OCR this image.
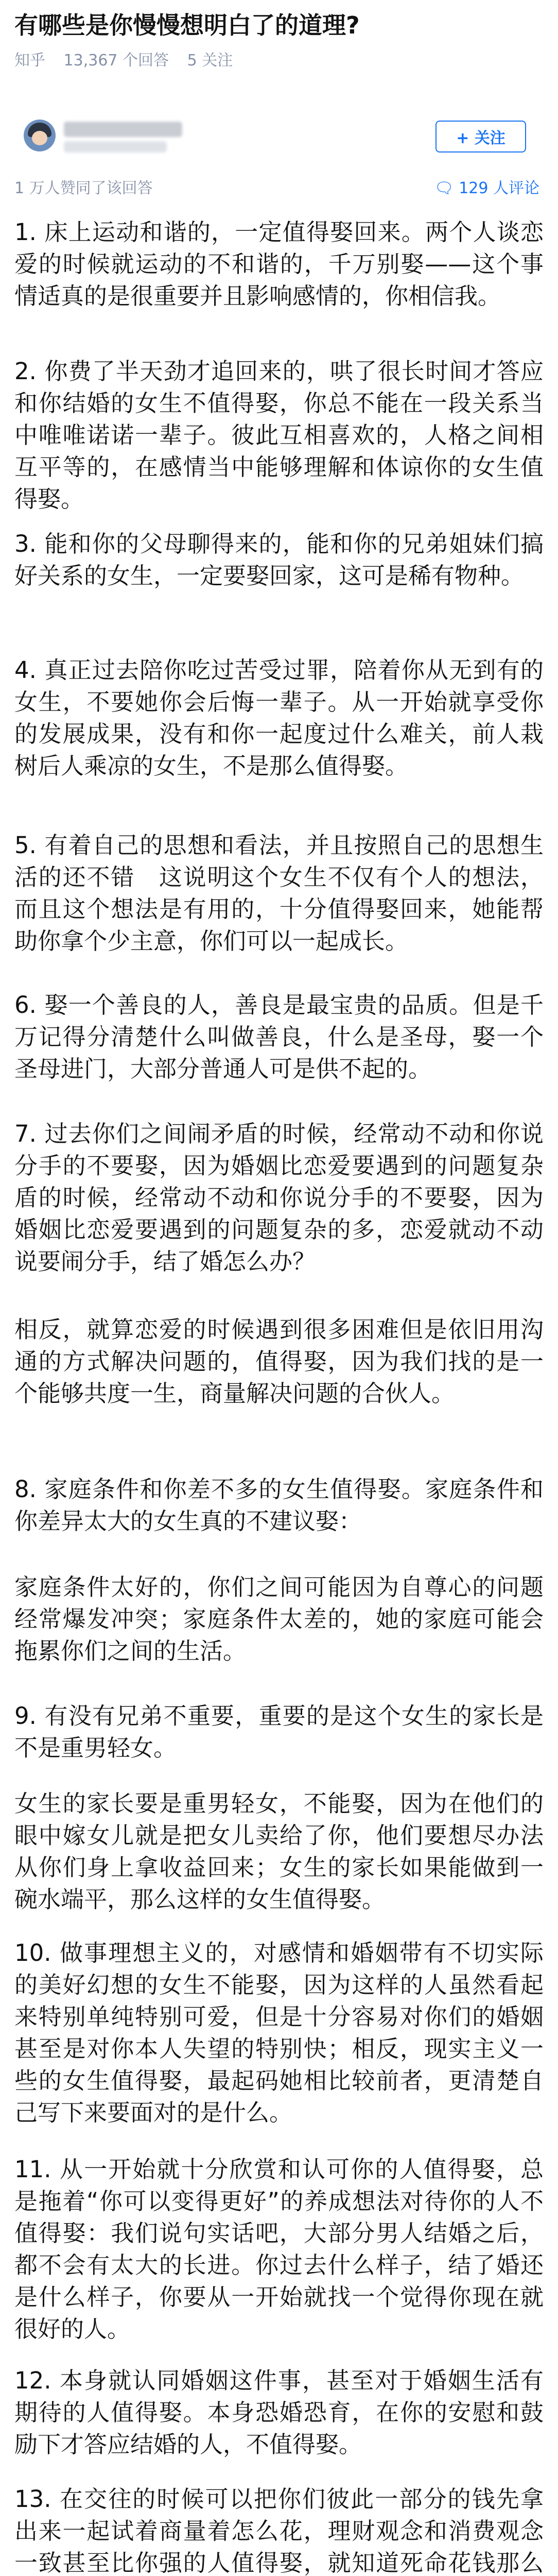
有哪些是你慢慢想明白了的道理?
知乎 13,367 个回答 5 关注
+ 关注
1 万人赞同了该回答	🗨 129 人评论

1. 床上运动和谐的，一定值得娶回来。两个人谈恋爱的时候就运动的不和谐的，千万别娶——这个事情适真的是很重要并且影响感情的，你相信我。

2. 你费了半天劲才追回来的，哄了很长时间才答应和你结婚的女生不值得娶，你总不能在一段关系当中唯唯诺诺一辈子。彼此互相喜欢的，人格之间相互平等的，在感情当中能够理解和体谅你的女生值得娶。

3. 能和你的父母聊得来的，能和你的兄弟姐妹们搞好关系的女生，一定要娶回家，这可是稀有物种。

4. 真正过去陪你吃过苦受过罪，陪着你从无到有的女生，不要她你会后悔一辈子。从一开始就享受你的发展成果，没有和你一起度过什么难关，前人栽树后人乘凉的女生，不是那么值得娶。

5. 有着自己的思想和看法，并且按照自己的思想生活的还不错　这说明这个女生不仅有个人的想法，而且这个想法是有用的，十分值得娶回来，她能帮助你拿个少主意，你们可以一起成长。

6. 娶一个善良的人，善良是最宝贵的品质。但是千万记得分清楚什么叫做善良，什么是圣母，娶一个圣母进门，大部分普通人可是供不起的。

7. 过去你们之间闹矛盾的时候，经常动不动和你说分手的不要娶，因为婚姻比恋爱要遇到的问题复杂盾的时候，经常动不动和你说分手的不要娶，因为婚姻比恋爱要遇到的问题复杂的多，恋爱就动不动说要闹分手，结了婚怎么办？

相反，就算恋爱的时候遇到很多困难但是依旧用沟通的方式解决问题的，值得娶，因为我们找的是一个能够共度一生，商量解决问题的合伙人。

8. 家庭条件和你差不多的女生值得娶。家庭条件和你差异太大的女生真的不建议娶：

家庭条件太好的，你们之间可能因为自尊心的问题经常爆发冲突；家庭条件太差的，她的家庭可能会拖累你们之间的生活。

9. 有没有兄弟不重要，重要的是这个女生的家长是不是重男轻女。

女生的家长要是重男轻女，不能娶，因为在他们的眼中嫁女儿就是把女儿卖给了你，他们要想尽办法从你们身上拿收益回来；女生的家长如果能做到一碗水端平，那么这样的女生值得娶。

10. 做事理想主义的，对感情和婚姻带有不切实际的美好幻想的女生不能娶，因为这样的人虽然看起来特别单纯特别可爱，但是十分容易对你们的婚姻甚至是对你本人失望的特别快；相反，现实主义一些的女生值得娶，最起码她相比较前者，更清楚自己写下来要面对的是什么。

11. 从一开始就十分欣赏和认可你的人值得娶，总是拖着“你可以变得更好”的养成想法对待你的人不值得娶：我们说句实话吧，大部分男人结婚之后，都不会有太大的长进。你过去什么样子，结了婚还是什么样子，你要从一开始就找一个觉得你现在就很好的人。

12. 本身就认同婚姻这件事，甚至对于婚姻生活有期待的人值得娶。本身恐婚恐育，在你的安慰和鼓励下才答应结婚的人，不值得娶。

13. 在交往的时候可以把你们彼此一部分的钱先拿出来一起试着商量着怎么花，理财观念和消费观念一致甚至比你强的人值得娶，就知道死命花钱那么
